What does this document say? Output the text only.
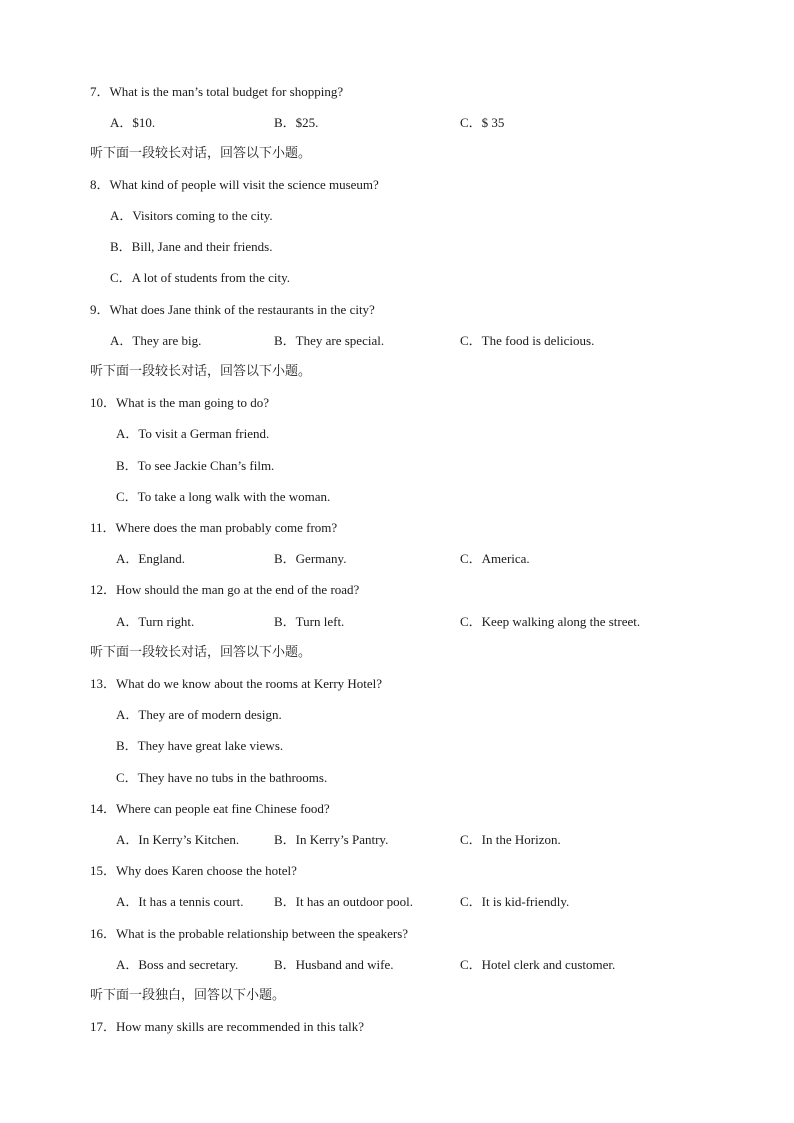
7．What is the man’s total budget for shopping?
A．$10.	B．$25.	C．$ 35
听下面一段较长对话，回答以下小题。
8．What kind of people will visit the science museum?
A．Visitors coming to the city.
B．Bill, Jane and their friends.
C．A lot of students from the city.
9．What does Jane think of the restaurants in the city?
A．They are big.	B．They are special.	C．The food is delicious.
听下面一段较长对话，回答以下小题。
10．What is the man going to do?
A．To visit a German friend.
B．To see Jackie Chan’s film.
C．To take a long walk with the woman.
11．Where does the man probably come from?
A．England.	B．Germany.	C．America.
12．How should the man go at the end of the road?
A．Turn right.	B．Turn left.	C．Keep walking along the street.
听下面一段较长对话，回答以下小题。
13．What do we know about the rooms at Kerry Hotel?
A．They are of modern design.
B．They have great lake views.
C．They have no tubs in the bathrooms.
14．Where can people eat fine Chinese food?
A．In Kerry’s Kitchen.	B．In Kerry’s Pantry.	C．In the Horizon.
15．Why does Karen choose the hotel?
A．It has a tennis court. B．It has an outdoor pool.	C．It is kid-friendly.
16．What is the probable relationship between the speakers?
A．Boss and secretary.	B．Husband and wife.	C．Hotel clerk and customer.
听下面一段独白，回答以下小题。
17．How many skills are recommended in this talk?
